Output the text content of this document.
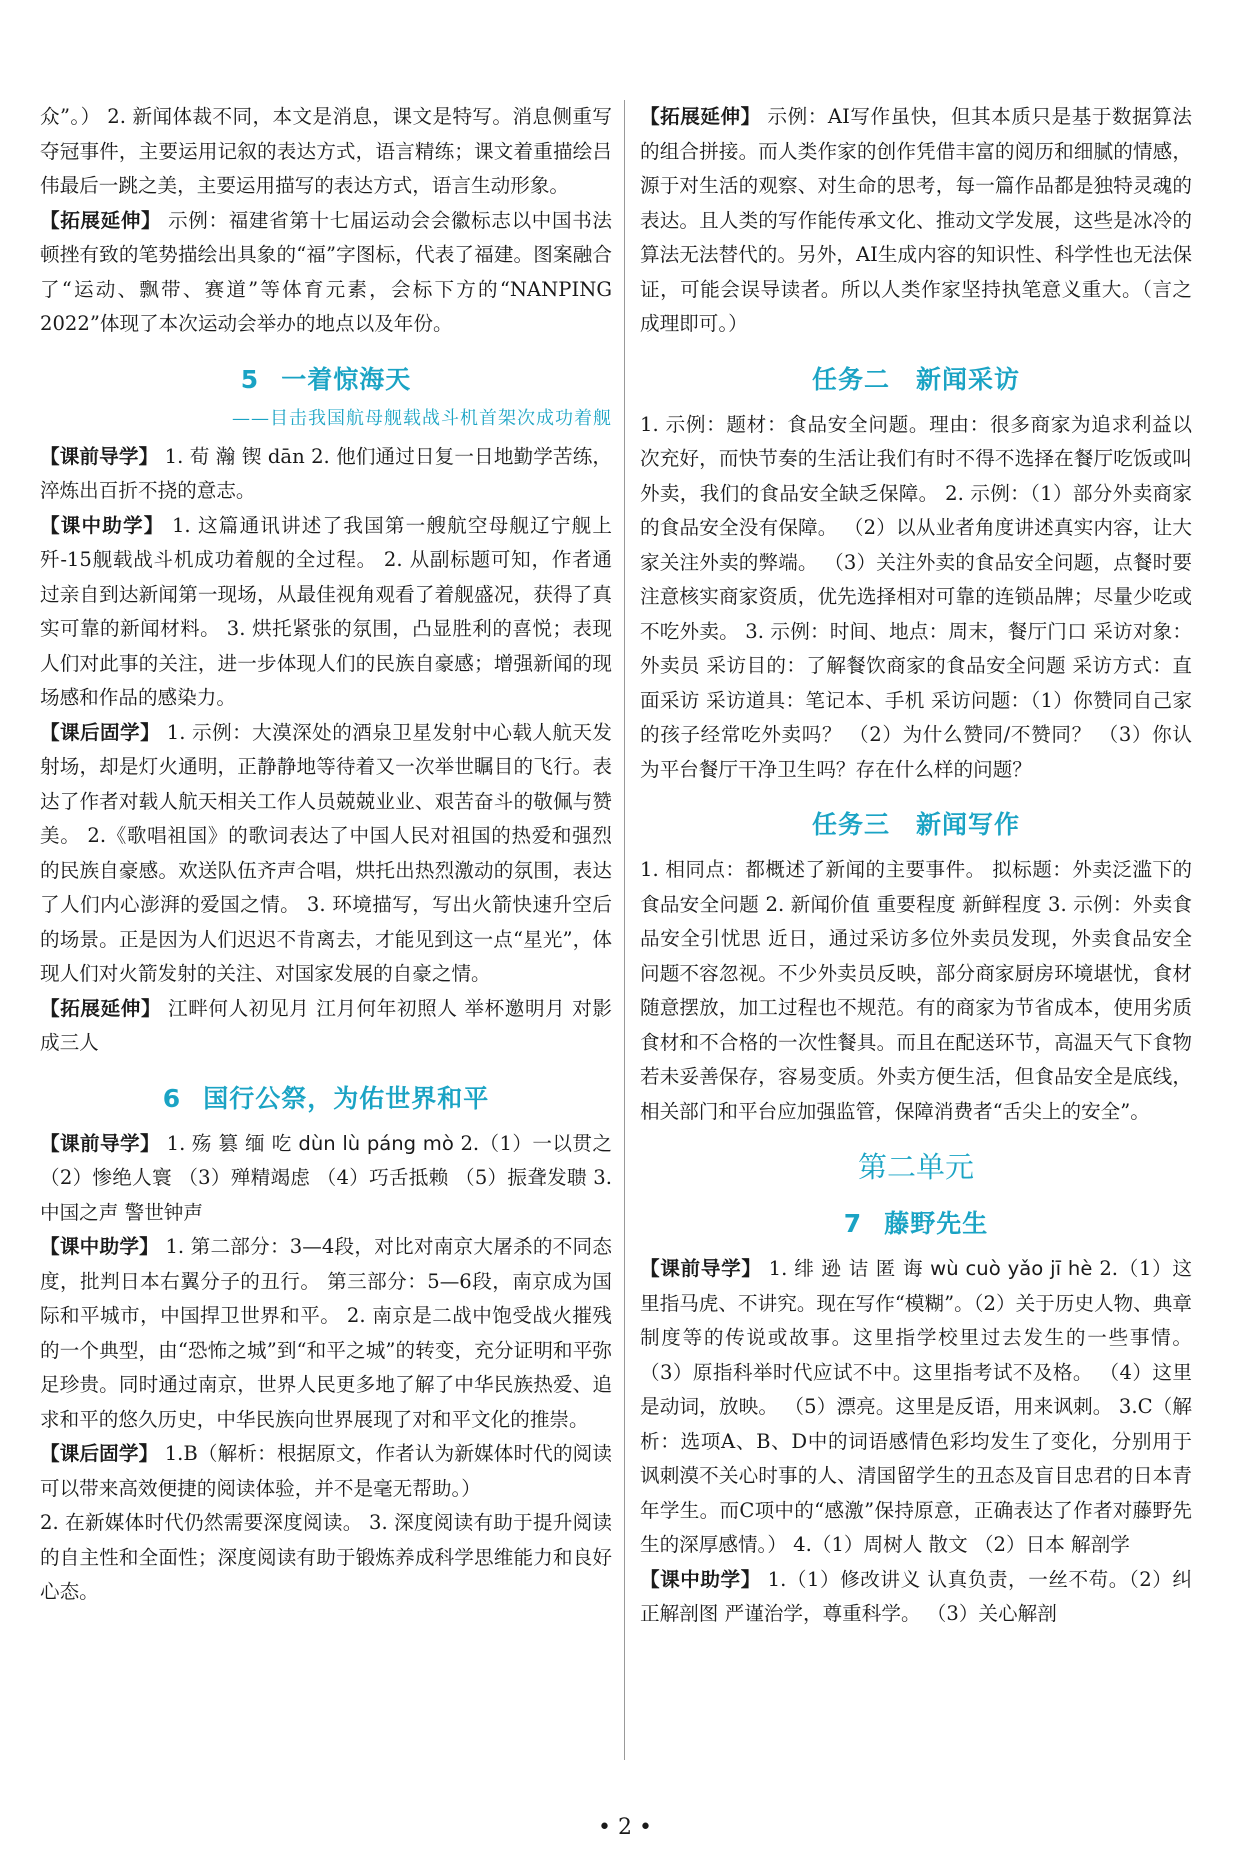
众”。） 2. 新闻体裁不同，本文是消息，课文是特写。消息侧重写夺冠事件，主要运用记叙的表达方式，语言精练；课文着重描绘吕伟最后一跳之美，主要运用描写的表达方式，语言生动形象。

【拓展延伸】 示例：福建省第十七届运动会会徽标志以中国书法顿挫有致的笔势描绘出具象的“福”字图标，代表了福建。图案融合了“运动、飘带、赛道”等体育元素，会标下方的“NANPING 2022”体现了本次运动会举办的地点以及年份。

5 一着惊海天
——目击我国航母舰载战斗机首架次成功着舰

【课前导学】 1. 荀 瀚 锲 dān 2. 他们通过日复一日地勤学苦练，淬炼出百折不挠的意志。

【课中助学】 1. 这篇通讯讲述了我国第一艘航空母舰辽宁舰上歼-15舰载战斗机成功着舰的全过程。 2. 从副标题可知，作者通过亲自到达新闻第一现场，从最佳视角观看了着舰盛况，获得了真实可靠的新闻材料。 3. 烘托紧张的氛围，凸显胜利的喜悦；表现人们对此事的关注，进一步体现人们的民族自豪感；增强新闻的现场感和作品的感染力。

【课后固学】 1. 示例：大漠深处的酒泉卫星发射中心载人航天发射场，却是灯火通明，正静静地等待着又一次举世瞩目的飞行。表达了作者对载人航天相关工作人员兢兢业业、艰苦奋斗的敬佩与赞美。 2.《歌唱祖国》的歌词表达了中国人民对祖国的热爱和强烈的民族自豪感。欢送队伍齐声合唱，烘托出热烈激动的氛围，表达了人们内心澎湃的爱国之情。 3. 环境描写，写出火箭快速升空后的场景。正是因为人们迟迟不肯离去，才能见到这一点“星光”，体现人们对火箭发射的关注、对国家发展的自豪之情。

【拓展延伸】 江畔何人初见月 江月何年初照人 举杯邀明月 对影成三人

6 国行公祭，为佑世界和平

【课前导学】 1. 殇 篡 缅 吃 dùn lù páng mò 2.（1）一以贯之 （2）惨绝人寰 （3）殚精竭虑 （4）巧舌抵赖 （5）振聋发聩 3. 中国之声 警世钟声

【课中助学】 1. 第二部分：3—4段，对比对南京大屠杀的不同态度，批判日本右翼分子的丑行。 第三部分：5—6段，南京成为国际和平城市，中国捍卫世界和平。 2. 南京是二战中饱受战火摧残的一个典型，由“恐怖之城”到“和平之城”的转变，充分证明和平弥足珍贵。同时通过南京，世界人民更多地了解了中华民族热爱、追求和平的悠久历史，中华民族向世界展现了对和平文化的推崇。

【课后固学】 1.B（解析：根据原文，作者认为新媒体时代的阅读可以带来高效便捷的阅读体验，并不是毫无帮助。）

2. 在新媒体时代仍然需要深度阅读。 3. 深度阅读有助于提升阅读的自主性和全面性；深度阅读有助于锻炼养成科学思维能力和良好心态。

【拓展延伸】 示例：AI写作虽快，但其本质只是基于数据算法的组合拼接。而人类作家的创作凭借丰富的阅历和细腻的情感，源于对生活的观察、对生命的思考，每一篇作品都是独特灵魂的表达。且人类的写作能传承文化、推动文学发展，这些是冰冷的算法无法替代的。另外，AI生成内容的知识性、科学性也无法保证，可能会误导读者。所以人类作家坚持执笔意义重大。（言之成理即可。）

任务二　新闻采访

1. 示例：题材：食品安全问题。理由：很多商家为追求利益以次充好，而快节奏的生活让我们有时不得不选择在餐厅吃饭或叫外卖，我们的食品安全缺乏保障。 2. 示例：（1）部分外卖商家的食品安全没有保障。 （2）以从业者角度讲述真实内容，让大家关注外卖的弊端。 （3）关注外卖的食品安全问题，点餐时要注意核实商家资质，优先选择相对可靠的连锁品牌；尽量少吃或不吃外卖。 3. 示例：时间、地点：周末，餐厅门口 采访对象：外卖员 采访目的：了解餐饮商家的食品安全问题 采访方式：直面采访 采访道具：笔记本、手机 采访问题：（1）你赞同自己家的孩子经常吃外卖吗？ （2）为什么赞同/不赞同？ （3）你认为平台餐厅干净卫生吗？存在什么样的问题？

任务三　新闻写作

1. 相同点：都概述了新闻的主要事件。 拟标题：外卖泛滥下的食品安全问题 2. 新闻价值 重要程度 新鲜程度 3. 示例：外卖食品安全引忧思 近日，通过采访多位外卖员发现，外卖食品安全问题不容忽视。不少外卖员反映，部分商家厨房环境堪忧，食材随意摆放，加工过程也不规范。有的商家为节省成本，使用劣质食材和不合格的一次性餐具。而且在配送环节，高温天气下食物若未妥善保存，容易变质。外卖方便生活，但食品安全是底线，相关部门和平台应加强监管，保障消费者“舌尖上的安全”。

第二单元
7 藤野先生

【课前导学】 1. 绯 逊 诘 匿 诲 wù cuò yǎo jī hè 2.（1）这里指马虎、不讲究。现在写作“模糊”。（2）关于历史人物、典章制度等的传说或故事。这里指学校里过去发生的一些事情。 （3）原指科举时代应试不中。这里指考试不及格。 （4）这里是动词，放映。 （5）漂亮。这里是反语，用来讽刺。 3.C（解析：选项A、B、D中的词语感情色彩均发生了变化，分别用于讽刺漠不关心时事的人、清国留学生的丑态及盲目忠君的日本青年学生。而C项中的“感激”保持原意，正确表达了作者对藤野先生的深厚感情。） 4.（1）周树人 散文 （2）日本 解剖学

【课中助学】 1.（1）修改讲义 认真负责，一丝不苟。（2）纠正解剖图 严谨治学，尊重科学。 （3）关心解剖

• 2 •
